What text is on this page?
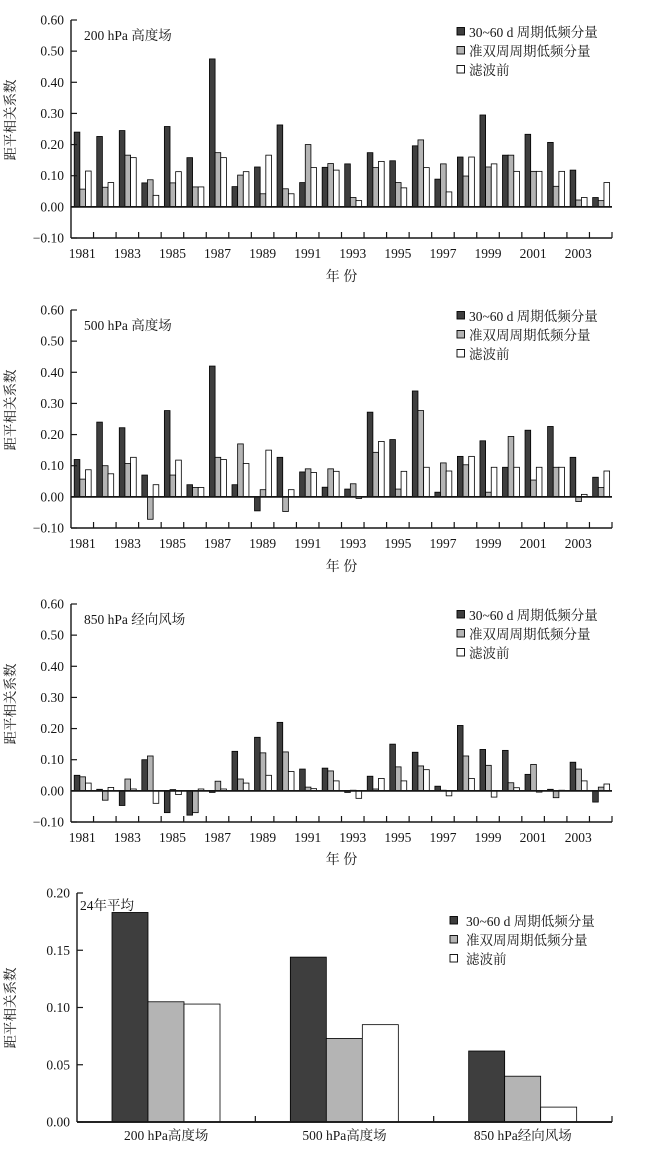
0.60
0.50
0.40
0.30
0.20
0.10
0.00
−0.10
1981 1983 1985 1987 1989 1991 1993 1995 1997 1999 2001 2003
200 hPa 高度场
距平相关系数
年 份
30~60 d 周期低频分量
准双周周期低频分量
滤波前
0.60
0.50
0.40
0.30
0.20
0.10
0.00
−0.10
1981 1983 1985 1987 1989 1991 1993 1995 1997 1999 2001 2003
500 hPa 高度场
距平相关系数
年 份
30~60 d 周期低频分量
准双周周期低频分量
滤波前
0.60
0.50
0.40
0.30
0.20
0.10
0.00
−0.10
1981 1983 1985 1987 1989 1991 1993 1995 1997 1999 2001 2003
850 hPa 经向风场
距平相关系数
年 份
30~60 d 周期低频分量
准双周周期低频分量
滤波前
0.20
0.15
0.10
0.05
0.00
200 hPa高度场	500 hPa高度场	850 hPa经向风场
24年平均
距平相关系数
30~60 d 周期低频分量
准双周周期低频分量
滤波前
